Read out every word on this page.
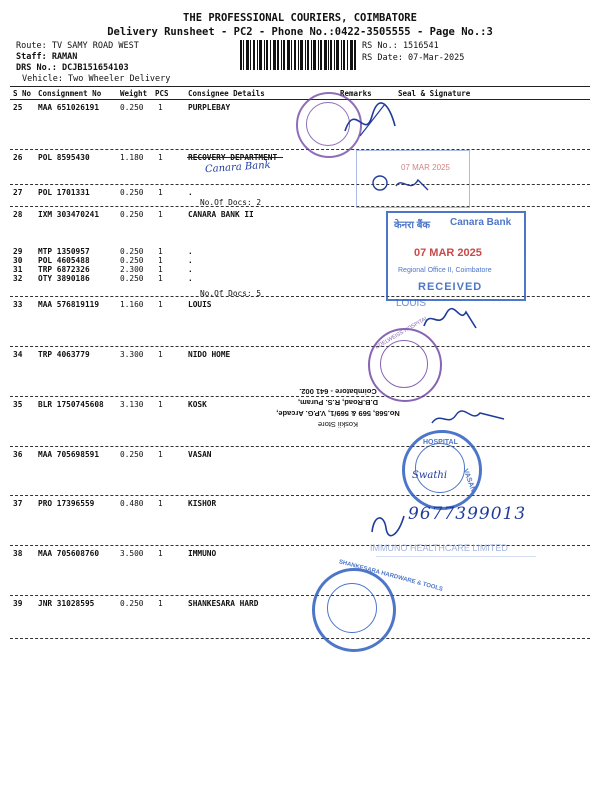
THE PROFESSIONAL COURIERS, COIMBATORE
Delivery Runsheet - PC2 - Phone No.:0422-3505555 - Page No.:3
Route: TV SAMY ROAD WEST
Staff: RAMAN
DRS No.: DCJB151654103
Vehicle: Two Wheeler Delivery
RS No.: 1516541
RS Date: 07-Mar-2025
S No Consignment No	Weight PCS	Consignee Details	Remarks	Seal & Signature
25 MAA 651026191	0.250 1	PURPLEBAY
26 POL 8595430	1.180 1	RECOVERY DEPARTMENT
27 POL 1701331	0.250 1	.
28 IXM 303470241	0.250 1	CANARA BANK II
29 MTP 1350957	0.250 1	.
30 POL 4605488	0.250 1	.
31 TRP 6872326	2.300 1	.
32 OTY 3890186	0.250 1	.
33 MAA 576819119	1.160 1	LOUIS
34 TRP 4063779	3.300 1	NIDO HOME
35 BLR 1750745608 3.130 1	KOSK
36 MAA 705698591	0.250 1	VASAN
37 PRO 17396559	0.480 1	KISHOR
38 MAA 705608760	3.500 1	IMMUNO
39 JNR 31028595	0.250 1	SHANKESARA HARD
No.Of Docs: 2
No.Of Docs: 5
Canara Bank	07 MAR 2025
केनरा बैंक Canara Bank
07 MAR 2025
Regional Office II, Coimbatore
RECEIVED
LOUIS
EDELWEISS HOSPITAL
Koskii Store
No.568, 569 & 569/1, V.P.G. Arcade,
D.B.Road, R.S. Puram,
Coimbatore - 641 002.
HOSPITAL
VASAN
Swathi
9677399013
IMMUNO HEALTHCARE LIMITED
SHANKESARA HARDWARE & TOOLS
